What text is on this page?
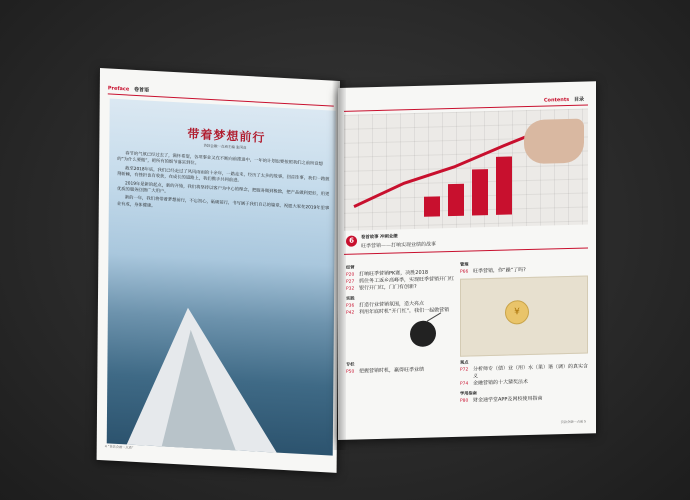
Preface 卷首语
带着梦想前行
贷款会融一点通主编 张国喜

春节的气氛已经过去了，满怀希望，各项事业又在不断向前推进中，一年的计划也要按照我们之前所设想的“为什么要做”，把所有的细节落实到位。

截至2018年底，我们已经走过了风风雨雨的十余年，一路走来，经历了太多的故事。回首往事，我们一路披荆斩棘，有挫折也有收获，在成长的道路上，我们携手共同前进。

2019年是新的起点，新的开始，我们将坚持以客户为中心的理念，把服务做到极致，把产品做到更好，用更优质的服务回馈广大用户。

新的一年，我们将带着梦想前行，不忘初心，砥砺前行，书写属于我们自己的篇章。祝愿大家在2019年里事业有成，身体健康。

4 “贷款会融一点通”
Contents 目录
6	卷首故事 冲刺业绩
旺季营销——打响实现业绩的战事
经营
P20 打响旺季营销PK赛，决胜2018
P27 抓住务工返乡高峰季，实现旺季营销开门红
P32 银行开门红，门门有创新?
实践
P36 打造行业营销氛围，造大亮点
P42 利用年底时机“开门红”，我们一起做营销
专栏
P50 把握营销时机，赢得旺季业绩
管理
P66 旺季营销，你“躁”了吗?
¥
观点
P72 分析师专（债）业（用）水（果）谐（调）的真实含义
P74 金融营销的十大猜奖法术
学用指南
P80 财金通学堂APP及网校使用指南
贷款会融一点通 5
